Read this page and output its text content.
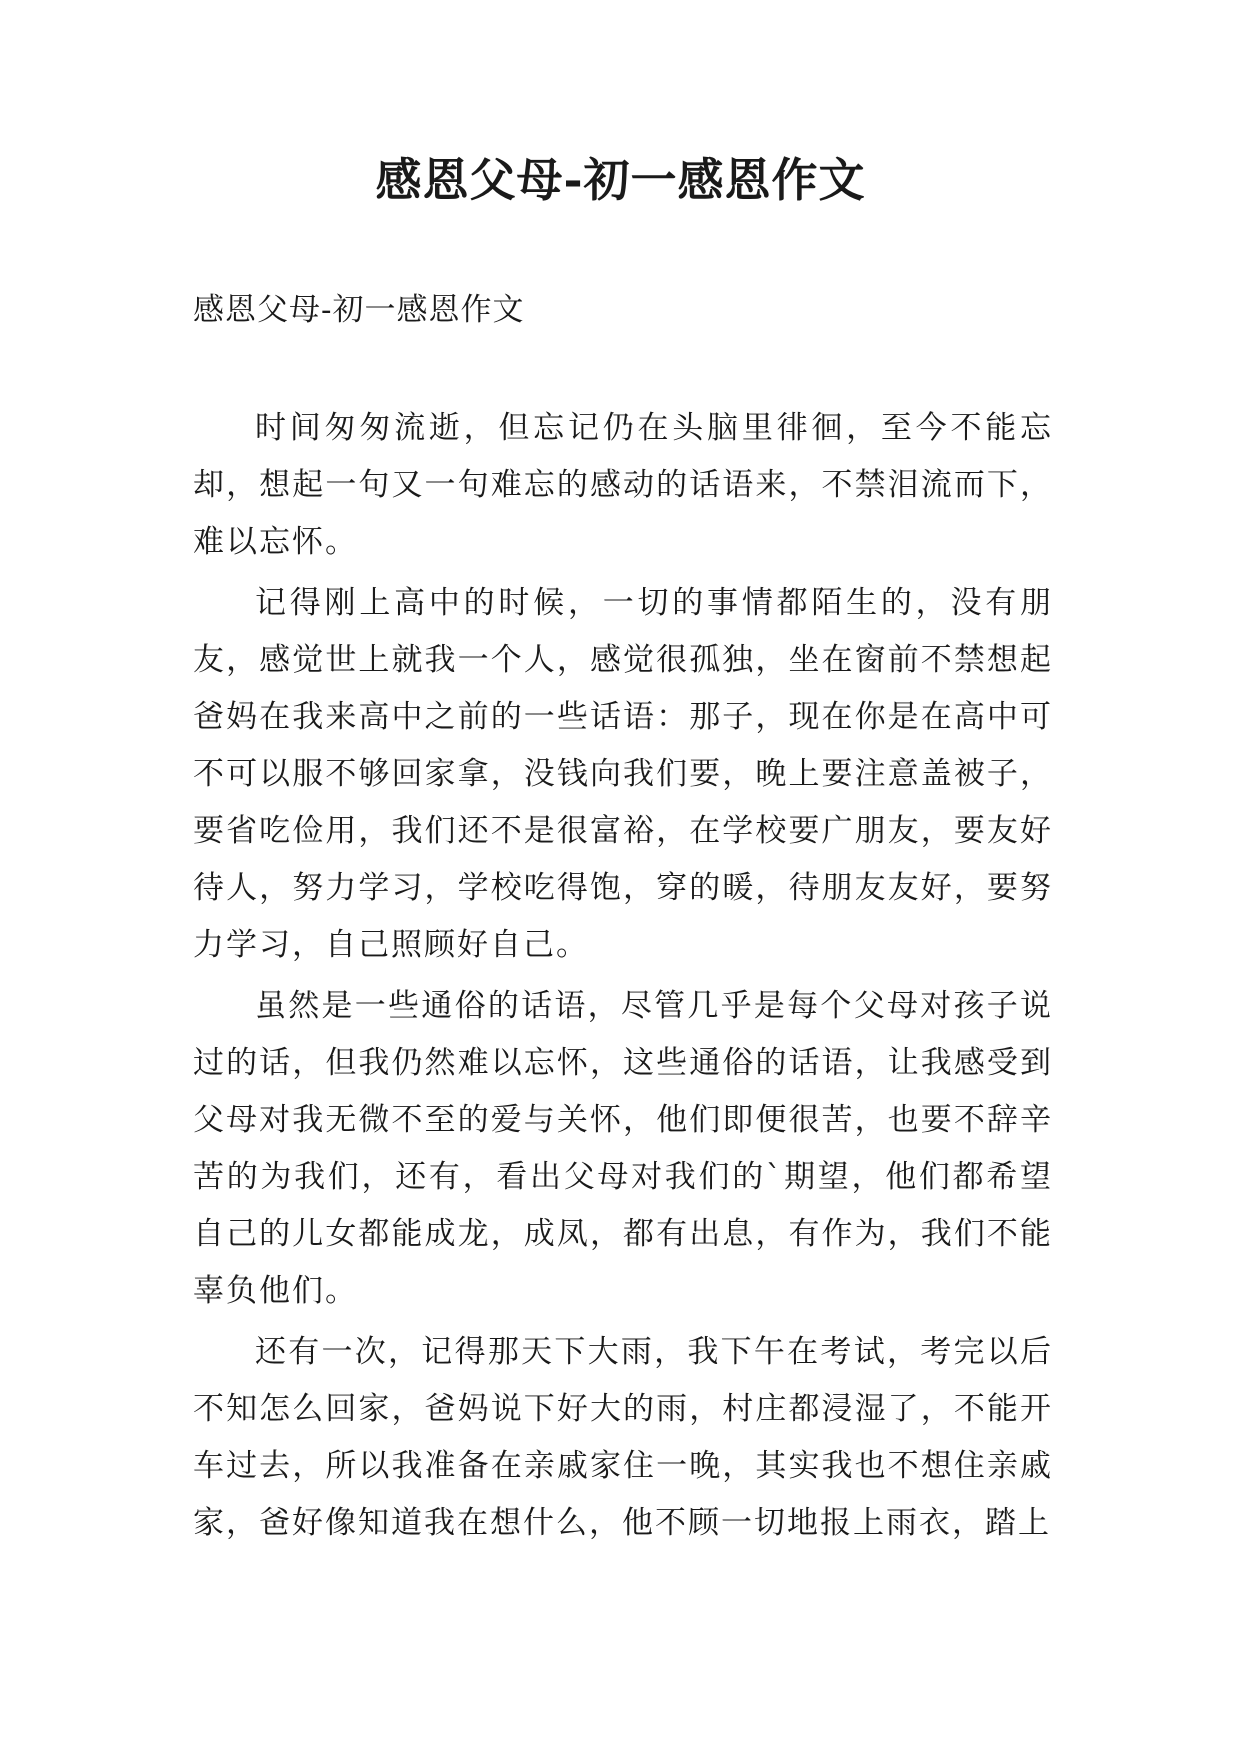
感恩父母-初一感恩作文
感恩父母-初一感恩作文

时间匆匆流逝，但忘记仍在头脑里徘徊，至今不能忘却，想起一句又一句难忘的感动的话语来，不禁泪流而下，难以忘怀。

记得刚上高中的时候，一切的事情都陌生的，没有朋友，感觉世上就我一个人，感觉很孤独，坐在窗前不禁想起爸妈在我来高中之前的一些话语：那子，现在你是在高中可不可以服不够回家拿，没钱向我们要，晚上要注意盖被子，要省吃俭用，我们还不是很富裕，在学校要广朋友，要友好待人，努力学习，学校吃得饱，穿的暖，待朋友友好，要努力学习，自己照顾好自己。

虽然是一些通俗的话语，尽管几乎是每个父母对孩子说过的话，但我仍然难以忘怀，这些通俗的话语，让我感受到父母对我无微不至的爱与关怀，他们即便很苦，也要不辞辛苦的为我们，还有，看出父母对我们的`期望，他们都希望自己的儿女都能成龙，成凤，都有出息，有作为，我们不能辜负他们。

还有一次，记得那天下大雨，我下午在考试，考完以后不知怎么回家，爸妈说下好大的雨，村庄都浸湿了，不能开车过去，所以我准备在亲戚家住一晚，其实我也不想住亲戚家，爸好像知道我在想什么，他不顾一切地报上雨衣，踏上
